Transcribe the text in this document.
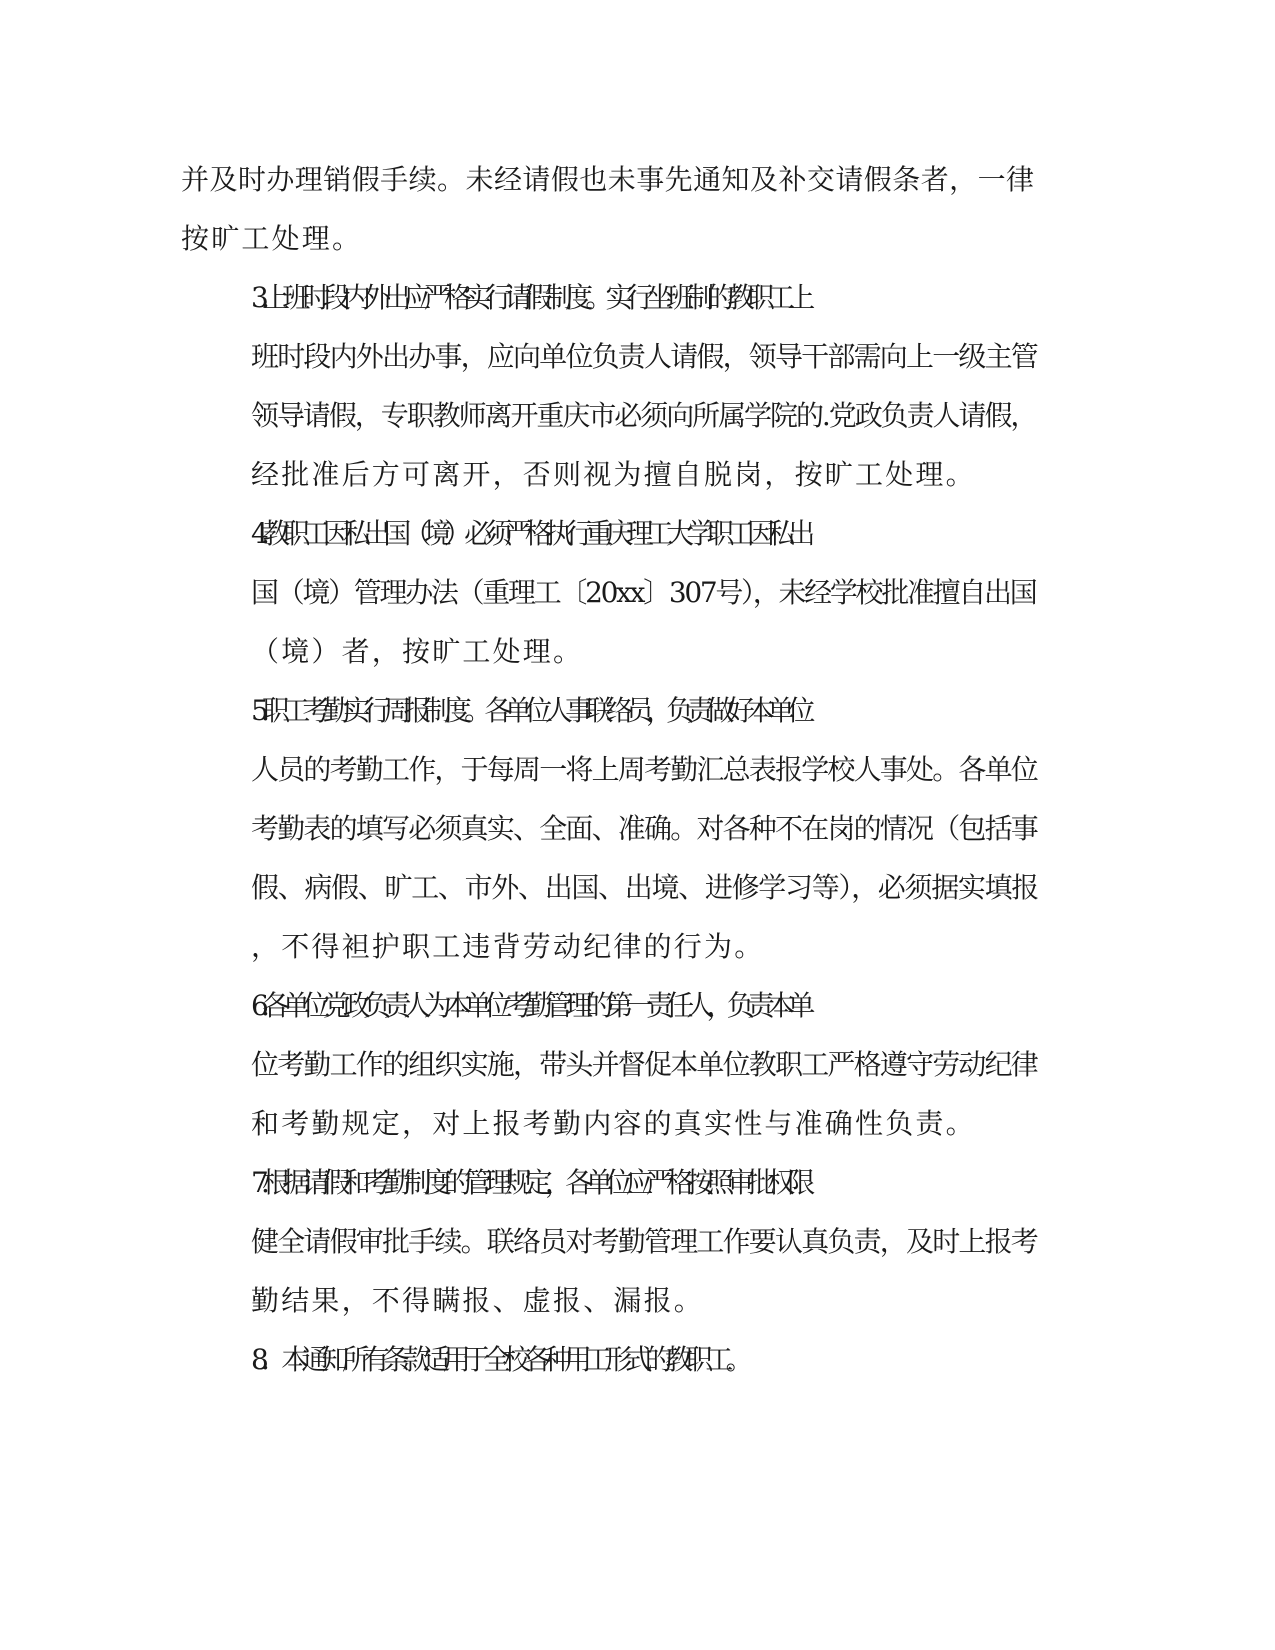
并及时办理销假手续。未经请假也未事先通知及补交请假条者，一律
按旷工处理。

3.上班时段内外出应严格实行请假制度。实行坐班制的教职工上
班时段内外出办事，应向单位负责人请假，领导干部需向上一级主管
领导请假，专职教师离开重庆市必须向所属学院的.党政负责人请假，
经批准后方可离开，否则视为擅自脱岗，按旷工处理。

4.教职工因私出国（境）必须严格执行重庆理工大学职工因私出
国（境）管理办法（重理工〔20xx〕307号），未经学校批准擅自出国
（境）者，按旷工处理。

5.职工考勤实行周报制度。各单位人事联络员，负责做好本单位
人员的考勤工作，于每周一将上周考勤汇总表报学校人事处。各单位
考勤表的填写必须真实、全面、准确。对各种不在岗的情况（包括事
假、病假、旷工、市外、出国、出境、进修学习等），必须据实填报
，不得袒护职工违背劳动纪律的行为。

6.各单位党政负责人为本单位考勤管理的第一责任人，负责本单
位考勤工作的组织实施，带头并督促本单位教职工严格遵守劳动纪律
和考勤规定，对上报考勤内容的真实性与准确性负责。

7.根据请假和考勤制度的管理规定，各单位应严格按照审批权限
健全请假审批手续。联络员对考勤管理工作要认真负责，及时上报考
勤结果，不得瞒报、虚报、漏报。

8．本通知所有条款适用于全校各种用工形式的教职工。
